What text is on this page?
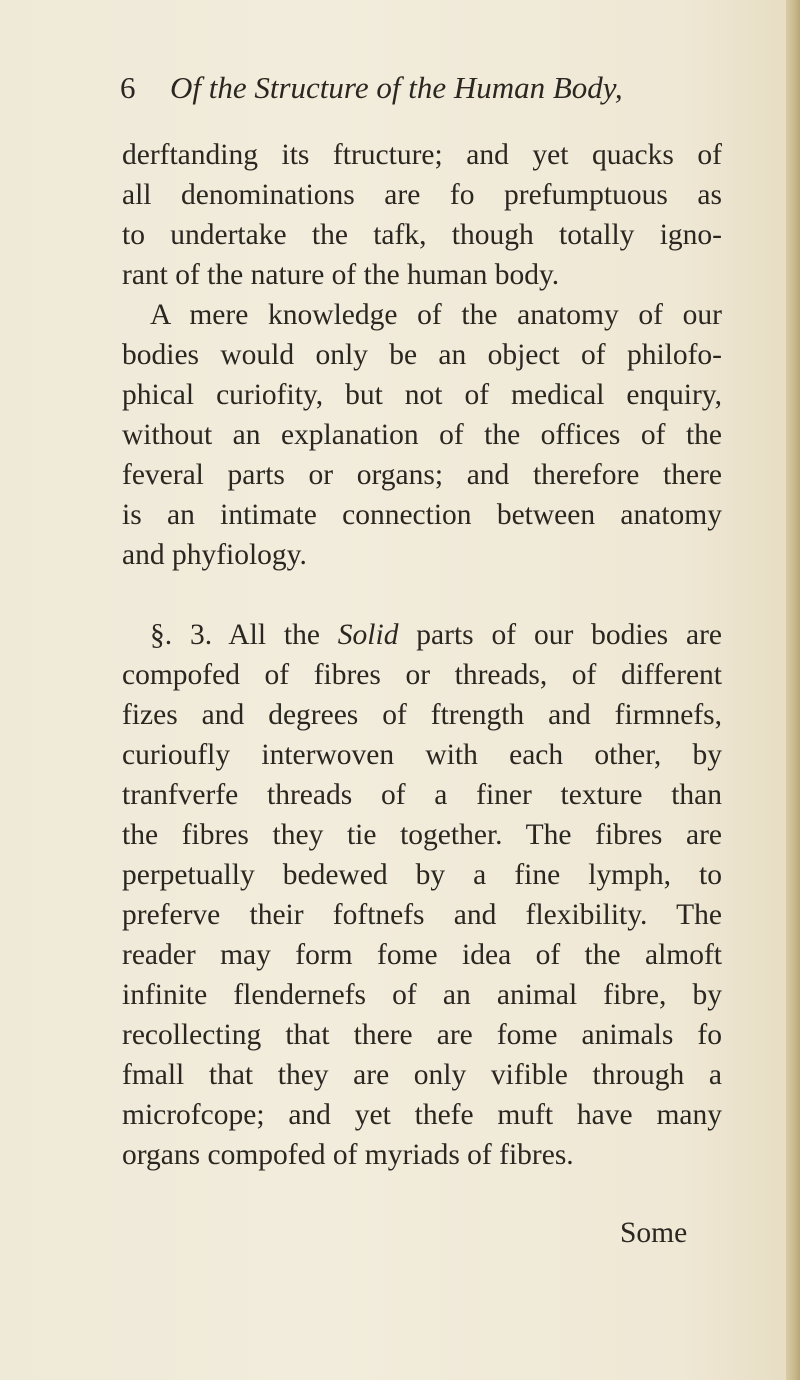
6 Of the Structure of the Human Body,
derftanding its ftructure; and yet quacks of
all denominations are fo prefumptuous as
to undertake the tafk, though totally igno-
rant of the nature of the human body.
A mere knowledge of the anatomy of our
bodies would only be an object of philofo-
phical curiofity, but not of medical enquiry,
without an explanation of the offices of the
feveral parts or organs; and therefore there
is an intimate connection between anatomy
and phyfiology.
§. 3. All the Solid parts of our bodies are
compofed of fibres or threads, of different
fizes and degrees of ftrength and firmnefs,
curioufly interwoven with each other, by
tranfverfe threads of a finer texture than
the fibres they tie together. The fibres are
perpetually bedewed by a fine lymph, to
preferve their foftnefs and flexibility. The
reader may form fome idea of the almoft
infinite flendernefs of an animal fibre, by
recollecting that there are fome animals fo
fmall that they are only vifible through a
microfcope; and yet thefe muft have many
organs compofed of myriads of fibres.
Some
